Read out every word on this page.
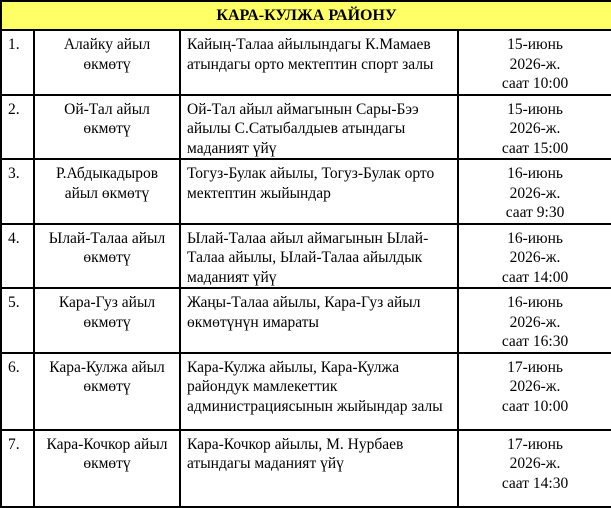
КАРА-КУЛЖА РАЙОНУ			
1.	Алайку айыл өкмөтү	Кайың-Талаа айылындагы К.Мамаев атындагы орто мектептин спорт залы	15-июнь
2026-ж.
саат 10:00

2.	Ой-Тал айыл өкмөтү	Ой-Тал айыл аймагынын Сары-Бээ айылы С.Сатыбалдыев атындагы маданият үйү	15-июнь
2026-ж.
саат 15:00

3.	Р.Абдыкадыров айыл өкмөтү	Тогуз-Булак айылы, Тогуз-Булак орто мектептин жыйындар	16-июнь
2026-ж.
саат 9:30

4.	Ылай-Талаа айыл өкмөтү	Ылай-Талаа айыл аймагынын Ылай-Талаа айылы, Ылай-Талаа айылдык маданият үйү	16-июнь
2026-ж.
саат 14:00

5.	Кара-Гуз айыл өкмөтү	Жаңы-Талаа айылы, Кара-Гуз айыл өкмөтүнүн имараты	16-июнь
2026-ж.
саат 16:30

6.	Кара-Кулжа айыл өкмөтү	Кара-Кулжа айылы, Кара-Кулжа райондук мамлекеттик администрациясынын жыйындар залы	17-июнь
2026-ж.
саат 10:00

7.	Кара-Кочкор айыл өкмөтү	Кара-Кочкор айылы, М. Нурбаев атындагы маданият үйү	17-июнь
2026-ж.
саат 14:30
